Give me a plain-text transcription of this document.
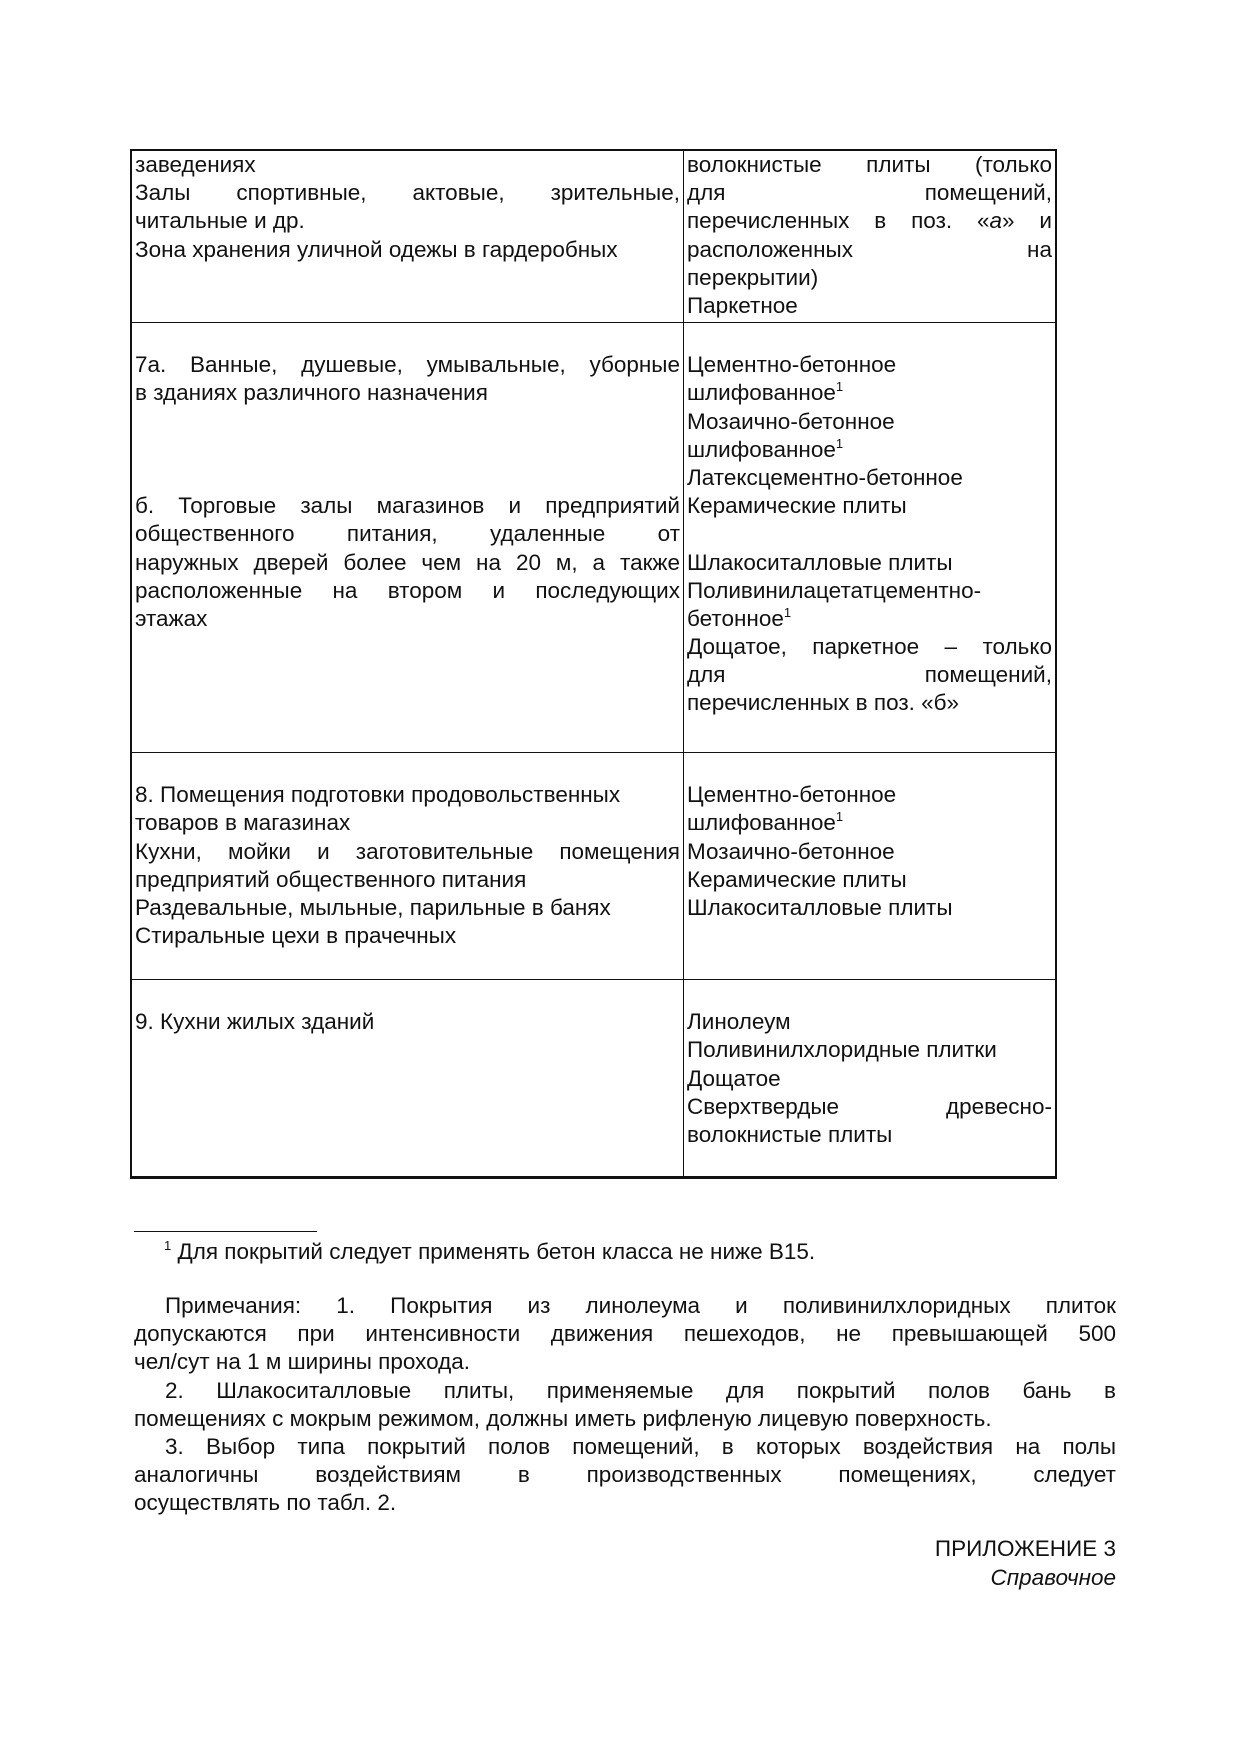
заведениях
Залы спортивные, актовые, зрительные,
читальные и др.
Зона хранения уличной одежы в гардеробных
волокнистые плиты (только
для помещений,
перечисленных в поз. «а» и
расположенных на
перекрытии)
Паркетное

7а. Ванные, душевые, умывальные, уборные
в зданиях различного назначения

б. Торговые залы магазинов и предприятий
общественного питания, удаленные от
наружных дверей более чем на 20 м, а также
расположенные на втором и последующих
этажах

Цементно-бетонное
шлифованное$^1$
Мозаично-бетонное
шлифованное$^1$
Латексцементно-бетонное
Керамические плиты

Шлакоситалловые плиты
Поливинилацетатцементно-
бетонное$^1$
Дощатое, паркетное – только
для помещений,
перечисленных в поз. «б»

8. Помещения подготовки продовольственных
товаров в магазинах
Кухни, мойки и заготовительные помещения
предприятий общественного питания
Раздевальные, мыльные, парильные в банях
Стиральные цехи в прачечных

Цементно-бетонное
шлифованное$^1$
Мозаично-бетонное
Керамические плиты
Шлакоситалловые плиты

9. Кухни жилых зданий
	Линолеум
Поливинилхлоридные плитки
Дощатое
Сверхтвердые древесно-
волокнистые плиты
$^1$ Для покрытий следует применять бетон класса не ниже В15.
Примечания: 1. Покрытия из линолеума и поливинилхлоридных плиток
допускаются при интенсивности движения пешеходов, не превышающей 500
чел/сут на 1 м ширины прохода.
2. Шлакоситалловые плиты, применяемые для покрытий полов бань в
помещениях с мокрым режимом, должны иметь рифленую лицевую поверхность.
3. Выбор типа покрытий полов помещений, в которых воздействия на полы
аналогичны воздействиям в производственных помещениях, следует
осуществлять по табл. 2.
ПРИЛОЖЕНИЕ 3
Справочное
